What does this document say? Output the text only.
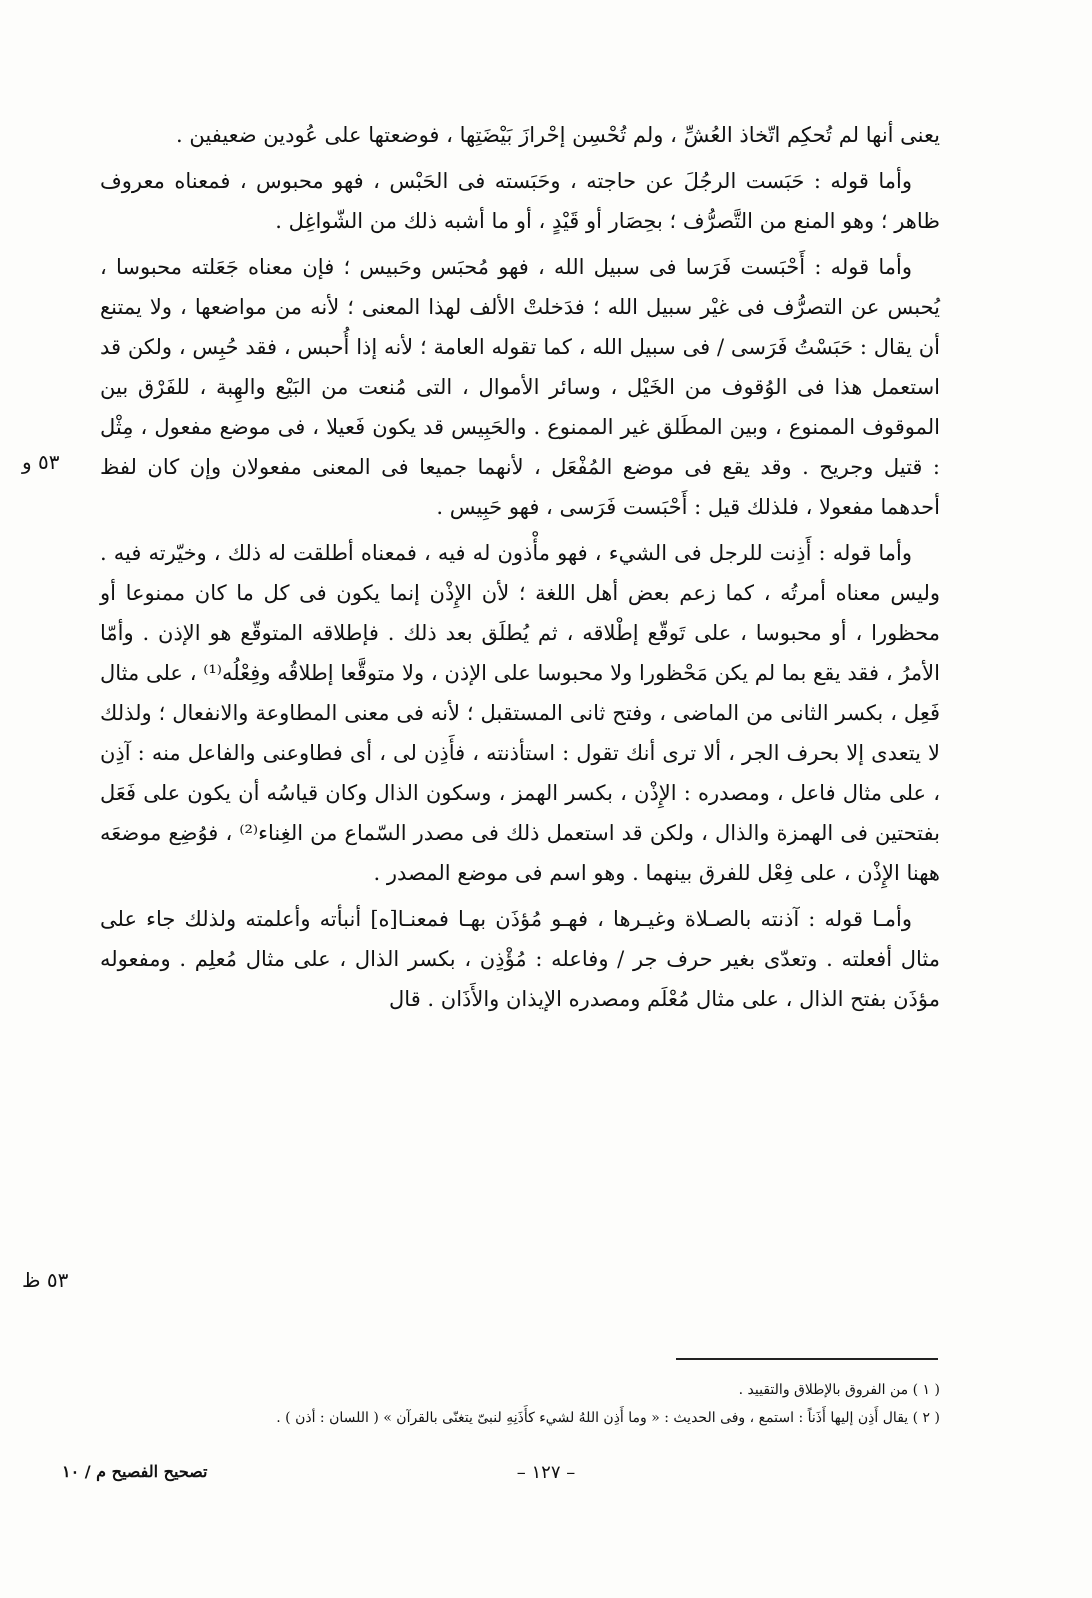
يعنى أنها لم تُحكِم اتّخاذ العُشِّ ، ولم تُحْسِن إحْرازَ بَيْضَتِها ، فوضعتها على عُودين ضعيفين .

وأما قوله : حَبَست الرجُلَ عن حاجته ، وحَبَسته فى الحَبْس ، فهو محبوس ، فمعناه معروف ظاهر ؛ وهو المنع من التَّصرُّف ؛ بحِصَار أو قَيْدٍ ، أو ما أشبه ذلك من الشّواغِل .

وأما قوله : أَحْبَست فَرَسا فى سبيل الله ، فهو مُحبَس وحَبيس ؛ فإن معناه جَعَلته محبوسا ، يُحبس عن التصرُّف فى غيْر سبيل الله ؛ فدَخلتْ الألف لهذا المعنى ؛ لأنه من مواضعها ، ولا يمتنع أن يقال : حَبَسْتُ فَرَسى / فى سبيل الله ، كما تقوله العامة ؛ لأنه إذا أُحبس ، فقد حُبِس ، ولكن قد استعمل هذا فى الوُقوف من الخَيْل ، وسائر الأموال ، التى مُنعت من البَيْع والهِبة ، للفَرْق بين الموقوف الممنوع ، وبين المطَلق غير الممنوع . والحَبِيس قد يكون فَعيلا ، فى موضع مفعول ، مِثْل : قتيل وجريح . وقد يقع فى موضع المُفْعَل ، لأنهما جميعا فى المعنى مفعولان وإن كان لفظ أحدهما مفعولا ، فلذلك قيل : أَحْبَست فَرَسى ، فهو حَبِيس .

وأما قوله : أَذِنت للرجل فى الشيء ، فهو مأْذون له فيه ، فمعناه أطلقت له ذلك ، وخيّرته فيه . وليس معناه أمرتُه ، كما زعم بعض أهل اللغة ؛ لأن الإِذْن إنما يكون فى كل ما كان ممنوعا أو محظورا ، أو محبوسا ، على تَوقّع إطْلاقه ، ثم يُطلَق بعد ذلك . فإطلاقه المتوقّع هو الإذن . وأمّا الأمرُ ، فقد يقع بما لم يكن مَحْظورا ولا محبوسا على الإذن ، ولا متوقَّعا إطلاقُه وفِعْلُه⁽¹⁾ ، على مثال فَعِل ، بكسر الثانى من الماضى ، وفتح ثانى المستقبل ؛ لأنه فى معنى المطاوعة والانفعال ؛ ولذلك لا يتعدى إلا بحرف الجر ، ألا ترى أنك تقول : استأذنته ، فأَذِن لى ، أى فطاوعنى والفاعل منه : آذِن ، على مثال فاعل ، ومصدره : الإِذْن ، بكسر الهمز ، وسكون الذال وكان قياسُه أن يكون على فَعَل بفتحتين فى الهمزة والذال ، ولكن قد استعمل ذلك فى مصدر السّماع من الغِناء⁽²⁾ ، فوُضِع موضعَه ههنا الإِذْن ، على فِعْل للفرق بينهما . وهو اسم فى موضع المصدر .

وأمـا قوله : آذنته بالصـلاة وغيـرها ، فهـو مُؤذَن بهـا فمعنـا[ه] أنبأته وأعلمته ولذلك جاء على مثال أفعلته . وتعدّى بغير حرف جر / وفاعله : مُؤْذِن ، بكسر الذال ، على مثال مُعلِم . ومفعوله مؤذَن بفتح الذال ، على مثال مُعْلَم ومصدره الإيذان والأَذَان . قال

٥٣ و
٥٣ ظ
( ١ ) من الفروق بالإطلاق والتقييد .
( ٢ ) يقال أَذِن إليها أَذَناً : استمع ، وفى الحديث : « وما أَذِن اللهُ لشيء كأَذَنِهِ لنبىّ يتغنّى بالقرآن » ( اللسان : أذن ) .
– ١٢٧ –
تصحيح الفصيح م / ١٠
